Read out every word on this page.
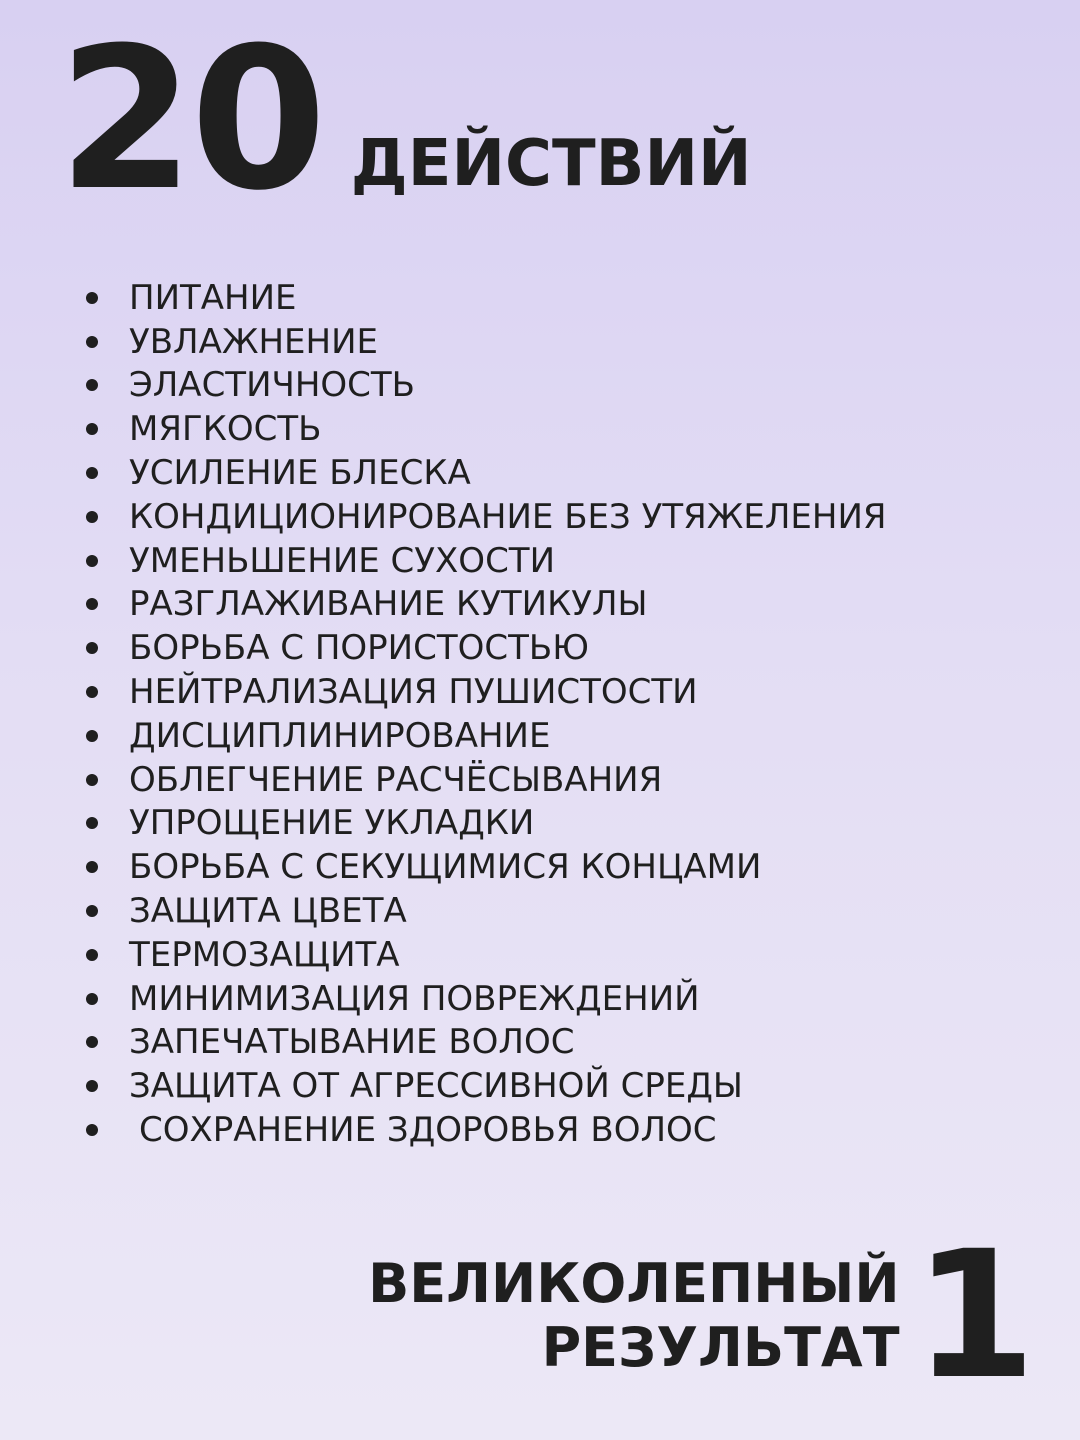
20 ДЕЙСТВИЙ
ПИТАНИЕ
УВЛАЖНЕНИЕ
ЭЛАСТИЧНОСТЬ
МЯГКОСТЬ
УСИЛЕНИЕ БЛЕСКА
КОНДИЦИОНИРОВАНИЕ БЕЗ УТЯЖЕЛЕНИЯ
УМЕНЬШЕНИЕ СУХОСТИ
РАЗГЛАЖИВАНИЕ КУТИКУЛЫ
БОРЬБА С ПОРИСТОСТЬЮ
НЕЙТРАЛИЗАЦИЯ ПУШИСТОСТИ
ДИСЦИПЛИНИРОВАНИЕ
ОБЛЕГЧЕНИЕ РАСЧЁСЫВАНИЯ
УПРОЩЕНИЕ УКЛАДКИ
БОРЬБА С СЕКУЩИМИСЯ КОНЦАМИ
ЗАЩИТА ЦВЕТА
ТЕРМОЗАЩИТА
МИНИМИЗАЦИЯ ПОВРЕЖДЕНИЙ
ЗАПЕЧАТЫВАНИЕ ВОЛОС
ЗАЩИТА ОТ АГРЕССИВНОЙ СРЕДЫ
СОХРАНЕНИЕ ЗДОРОВЬЯ ВОЛОС
ВЕЛИКОЛЕПНЫЙ
РЕЗУЛЬТАТ 1
